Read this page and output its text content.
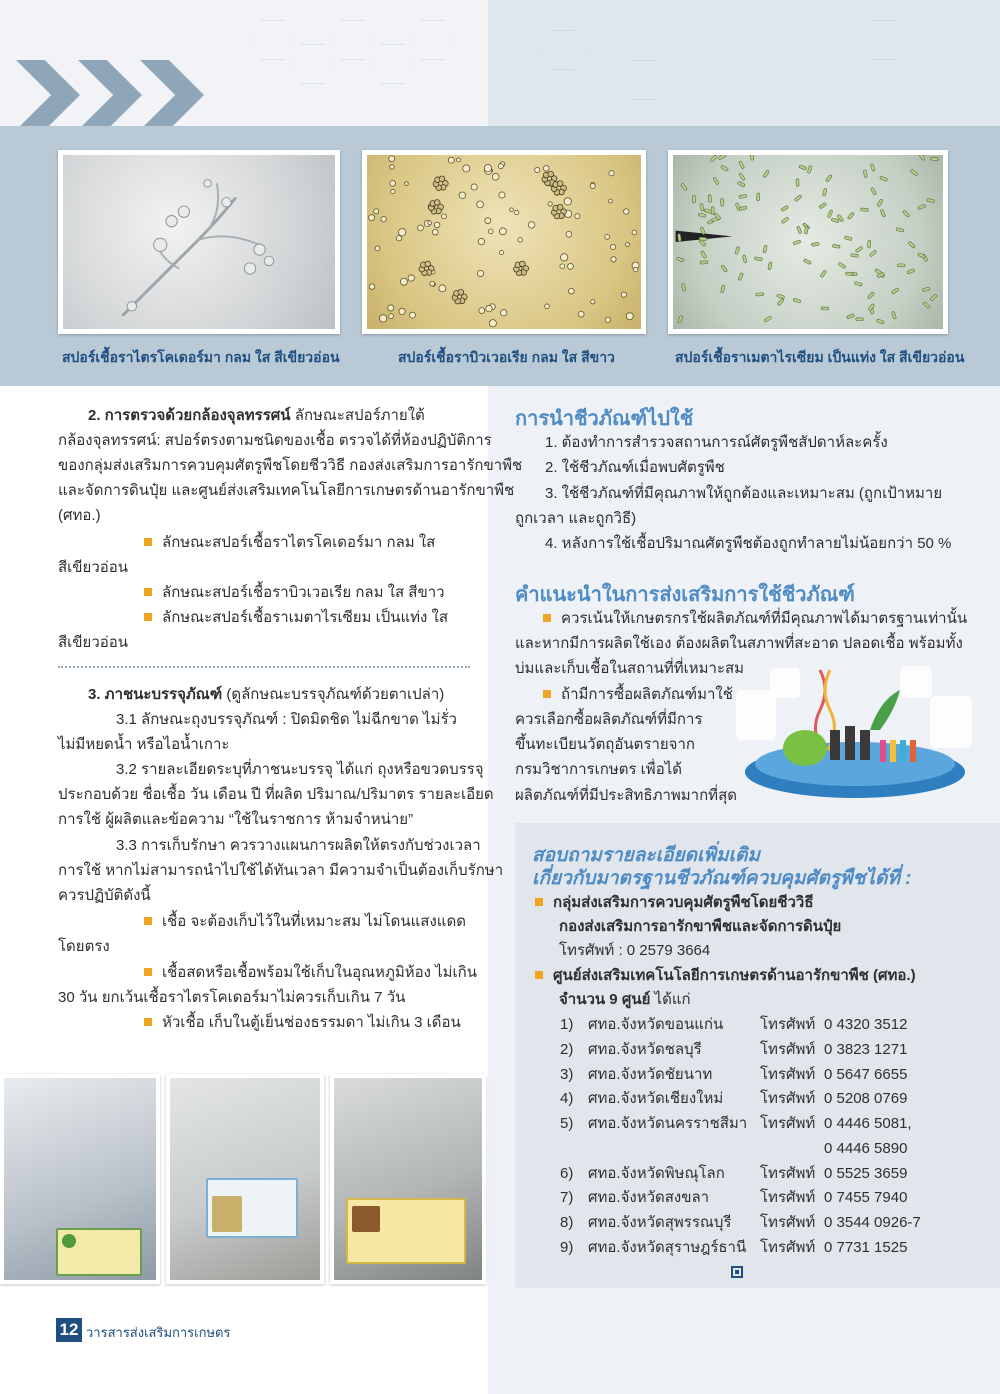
สปอร์เชื้อราไตรโคเดอร์มา กลม ใส สีเขียวอ่อน	สปอร์เชื้อราบิวเวอเรีย กลม ใส สีขาว	สปอร์เชื้อราเมตาไรเซียม เป็นแท่ง ใส สีเขียวอ่อน
2. การตรวจด้วยกล้องจุลทรรศน์ ลักษณะสปอร์ภายใต้
กล้องจุลทรรศน์: สปอร์ตรงตามชนิดของเชื้อ ตรวจได้ที่ห้องปฏิบัติการ
ของกลุ่มส่งเสริมการควบคุมศัตรูพืชโดยชีววิธี กองส่งเสริมการอารักขาพืช
และจัดการดินปุ๋ย และศูนย์ส่งเสริมเทคโนโลยีการเกษตรด้านอารักขาพืช
(ศทอ.)
ลักษณะสปอร์เชื้อราไตรโคเดอร์มา กลม ใส
สีเขียวอ่อน
ลักษณะสปอร์เชื้อราบิวเวอเรีย กลม ใส สีขาว
ลักษณะสปอร์เชื้อราเมตาไรเซียม เป็นแท่ง ใส
สีเขียวอ่อน
3. ภาชนะบรรจุภัณฑ์ (ดูลักษณะบรรจุภัณฑ์ด้วยตาเปล่า)
3.1 ลักษณะถุงบรรจุภัณฑ์ : ปิดมิดชิด ไม่ฉีกขาด ไม่รั่ว
ไม่มีหยดน้ำ หรือไอน้ำเกาะ
3.2 รายละเอียดระบุที่ภาชนะบรรจุ ได้แก่ ถุงหรือขวดบรรจุ
ประกอบด้วย ชื่อเชื้อ วัน เดือน ปี ที่ผลิต ปริมาณ/ปริมาตร รายละเอียด
การใช้ ผู้ผลิตและข้อความ “ใช้ในราชการ ห้ามจำหน่าย”
3.3 การเก็บรักษา ควรวางแผนการผลิตให้ตรงกับช่วงเวลา
การใช้ หากไม่สามารถนำไปใช้ได้ทันเวลา มีความจำเป็นต้องเก็บรักษา
ควรปฏิบัติดังนี้
เชื้อ จะต้องเก็บไว้ในที่เหมาะสม ไม่โดนแสงแดด
โดยตรง
เชื้อสดหรือเชื้อพร้อมใช้เก็บในอุณหภูมิห้อง ไม่เกิน
30 วัน ยกเว้นเชื้อราไตรโคเดอร์มาไม่ควรเก็บเกิน 7 วัน
หัวเชื้อ เก็บในตู้เย็นช่องธรรมดา ไม่เกิน 3 เดือน
การนำชีวภัณฑ์ไปใช้
1. ต้องทำการสำรวจสถานการณ์ศัตรูพืชสัปดาห์ละครั้ง
2. ใช้ชีวภัณฑ์เมื่อพบศัตรูพืช
3. ใช้ชีวภัณฑ์ที่มีคุณภาพให้ถูกต้องและเหมาะสม (ถูกเป้าหมาย
ถูกเวลา และถูกวิธี)
4. หลังการใช้เชื้อปริมาณศัตรูพืชต้องถูกทำลายไม่น้อยกว่า 50 %
คำแนะนำในการส่งเสริมการใช้ชีวภัณฑ์
ควรเน้นให้เกษตรกรใช้ผลิตภัณฑ์ที่มีคุณภาพได้มาตรฐานเท่านั้น
และหากมีการผลิตใช้เอง ต้องผลิตในสภาพที่สะอาด ปลอดเชื้อ พร้อมทั้ง
บ่มและเก็บเชื้อในสถานที่ที่เหมาะสม
ถ้ามีการซื้อผลิตภัณฑ์มาใช้
ควรเลือกซื้อผลิตภัณฑ์ที่มีการ
ขึ้นทะเบียนวัตถุอันตรายจาก
กรมวิชาการเกษตร เพื่อได้
ผลิตภัณฑ์ที่มีประสิทธิภาพมากที่สุด
สอบถามรายละเอียดเพิ่มเติม
เกี่ยวกับมาตรฐานชีวภัณฑ์ควบคุมศัตรูพืชได้ที่ :
กลุ่มส่งเสริมการควบคุมศัตรูพืชโดยชีววิธี
กองส่งเสริมการอารักขาพืชและจัดการดินปุ๋ย
โทรศัพท์ : 0 2579 3664
ศูนย์ส่งเสริมเทคโนโลยีการเกษตรด้านอารักขาพืช (ศทอ.)
จำนวน 9 ศูนย์ ได้แก่
1) ศทอ.จังหวัดขอนแก่น โทรศัพท์ 0 4320 3512
2) ศทอ.จังหวัดชลบุรี	โทรศัพท์ 0 3823 1271
3) ศทอ.จังหวัดชัยนาท	โทรศัพท์ 0 5647 6655
4) ศทอ.จังหวัดเชียงใหม่ โทรศัพท์ 0 5208 0769
5) ศทอ.จังหวัดนครราชสีมา โทรศัพท์ 0 4446 5081,
0 4446 5890
6) ศทอ.จังหวัดพิษณุโลก โทรศัพท์ 0 5525 3659
7) ศทอ.จังหวัดสงขลา	โทรศัพท์ 0 7455 7940
8) ศทอ.จังหวัดสุพรรณบุรี โทรศัพท์ 0 3544 0926-7
9) ศทอ.จังหวัดสุราษฎร์ธานี โทรศัพท์ 0 7731 1525
12 วารสารส่งเสริมการเกษตร
